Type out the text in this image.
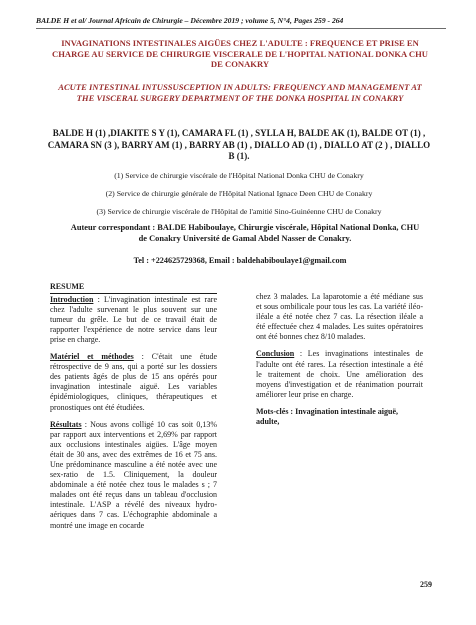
BALDE H et al/ Journal Africain de Chirurgie – Décembre 2019 ; volume 5, N°4, Pages 259 - 264
INVAGINATIONS INTESTINALES AIGÜES CHEZ L'ADULTE : FREQUENCE ET PRISE EN CHARGE AU SERVICE DE CHIRURGIE VISCERALE DE L'HOPITAL NATIONAL DONKA CHU DE CONAKRY
ACUTE INTESTINAL INTUSSUSCEPTION IN ADULTS: FREQUENCY AND MANAGEMENT AT THE VISCERAL SURGERY DEPARTMENT OF THE DONKA HOSPITAL IN CONAKRY
BALDE H (1) ,DIAKITE S Y (1), CAMARA FL (1) , SYLLA H, BALDE AK (1), BALDE OT (1) , CAMARA SN (3 ), BARRY AM (1) , BARRY AB (1) , DIALLO AD (1) , DIALLO AT (2 ) , DIALLO B (1).
(1) Service de chirurgie viscérale de l'Hôpital National Donka CHU de Conakry
(2) Service de chirurgie générale de l'Hôpital National Ignace Deen CHU de Conakry
(3) Service de chirurgie viscérale de l'Hôpital de l'amitié Sino-Guinéenne CHU de Conakry
Auteur correspondant : BALDE Habiboulaye, Chirurgie viscérale, Hôpital National Donka, CHU de Conakry Université de Gamal Abdel Nasser de Conakry.
Tel : +224625729368, Email : baldehabiboulaye1@gmail.com
RESUME

Introduction : L'invagination intestinale est rare chez l'adulte survenant le plus souvent sur une tumeur du grêle. Le but de ce travail était de rapporter l'expérience de notre service dans leur prise en charge.

Matériel et méthodes : C'était une étude rétrospective de 9 ans, qui a porté sur les dossiers des patients âgés de plus de 15 ans opérés pour invagination intestinale aiguë. Les variables épidémiologiques, cliniques, thérapeutiques et pronostiques ont été étudiées.

Résultats : Nous avons colligé 10 cas soit 0,13% par rapport aux interventions et 2,69% par rapport aux occlusions intestinales aigües. L'âge moyen était de 30 ans, avec des extrêmes de 16 et 75 ans. Une prédominance masculine a été notée avec une sex-ratio de 1.5. Cliniquement, la douleur abdominale a été notée chez tous le malades s ; 7 malades ont été reçus dans un tableau d'occlusion intestinale. L'ASP a révélé des niveaux hydro-aériques dans 7 cas. L'échographie abdominale a montré une image en cocarde

chez 3 malades. La laparotomie a été médiane sus et sous ombilicale pour tous les cas. La variété iléo-iléale a été notée chez 7 cas. La résection iléale a été effectuée chez 4 malades. Les suites opératoires ont été bonnes chez 8/10 malades.

Conclusion : Les invaginations intestinales de l'adulte ont été rares. La résection intestinale a été le traitement de choix. Une amélioration des moyens d'investigation et de réanimation pourrait améliorer leur prise en charge.

Mots-clés : Invagination intestinale aiguë, adulte,
259
